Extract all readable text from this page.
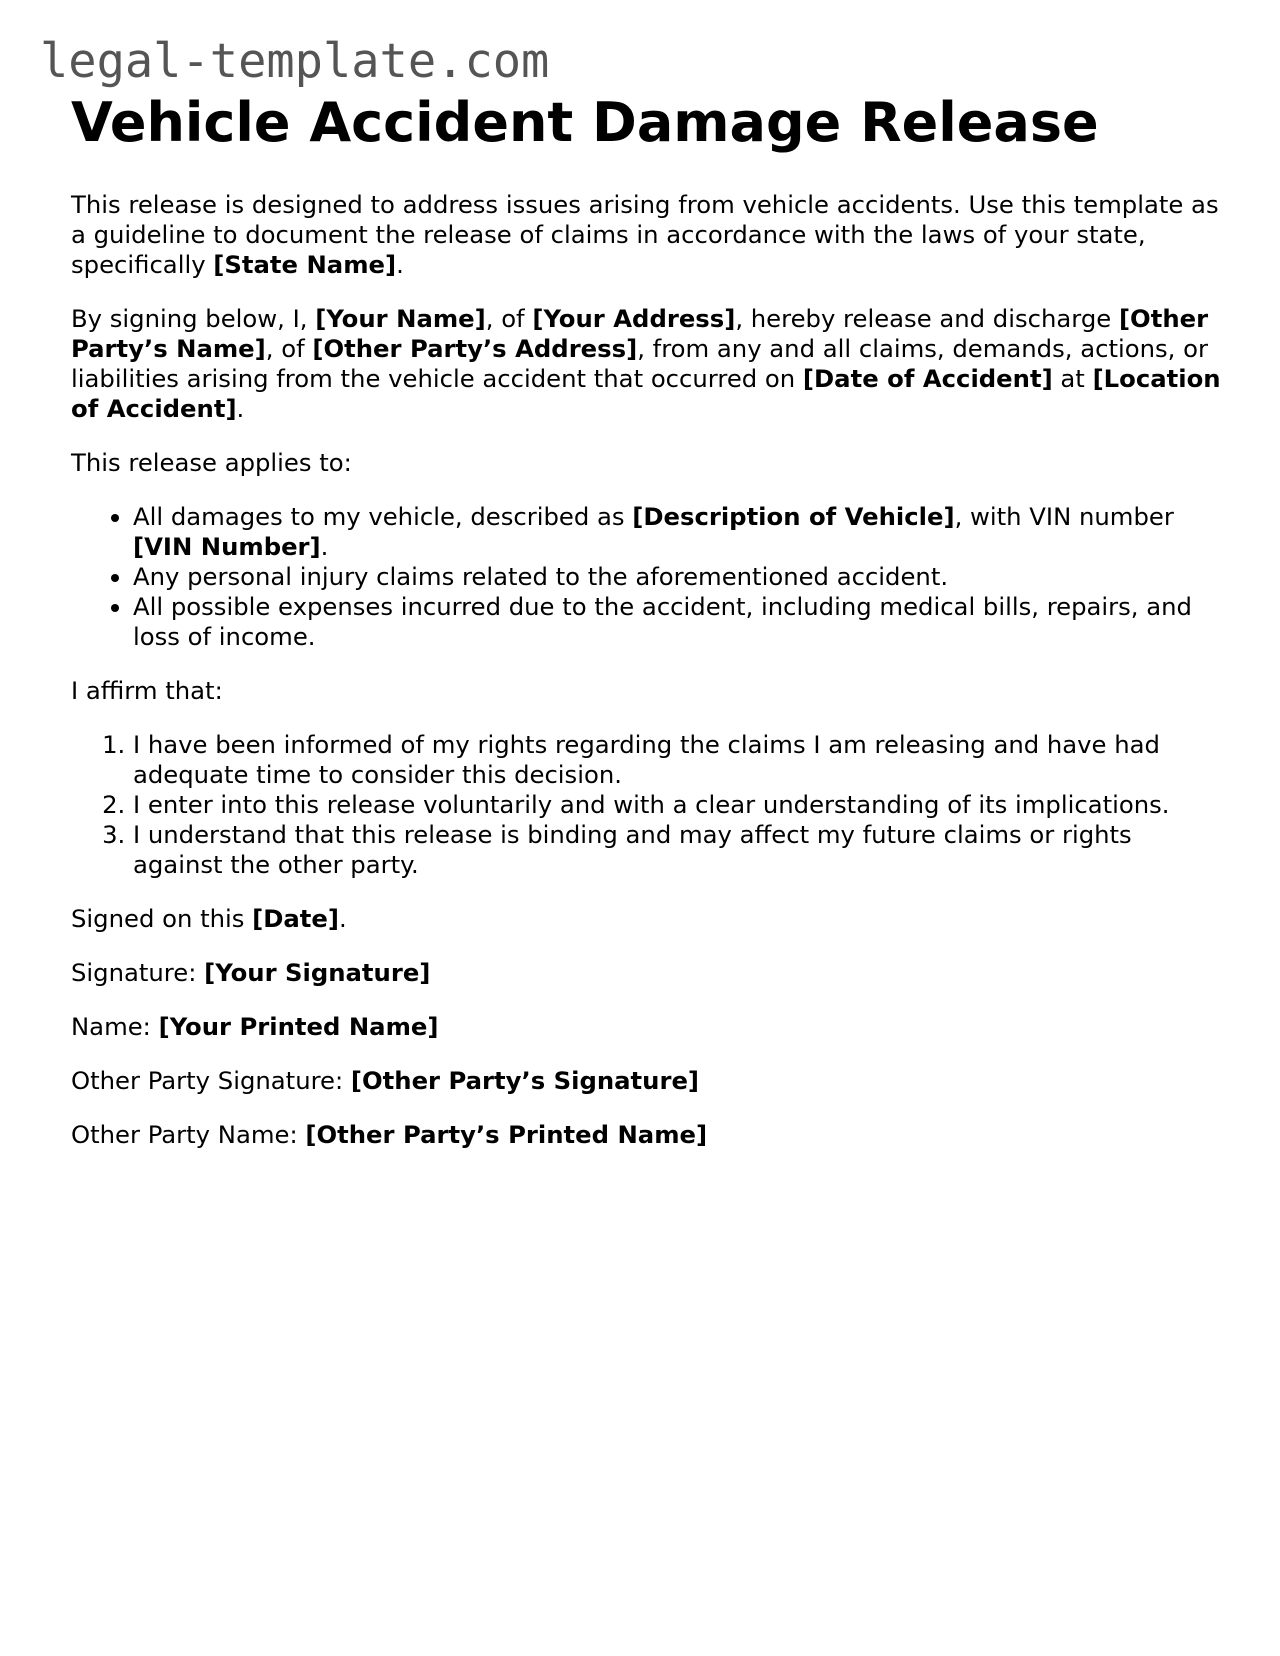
legal-template.com
Vehicle Accident Damage Release

This release is designed to address issues arising from vehicle accidents. Use this template as a guideline to document the release of claims in accordance with the laws of your state, specifically [State Name].

By signing below, I, [Your Name], of [Your Address], hereby release and discharge [Other Party’s Name], of [Other Party’s Address], from any and all claims, demands, actions, or liabilities arising from the vehicle accident that occurred on [Date of Accident] at [Location of Accident].

This release applies to:

• All damages to my vehicle, described as [Description of Vehicle], with VIN number [VIN Number].
• Any personal injury claims related to the aforementioned accident.
• All possible expenses incurred due to the accident, including medical bills, repairs, and loss of income.

I affirm that:

1. I have been informed of my rights regarding the claims I am releasing and have had adequate time to consider this decision.
2. I enter into this release voluntarily and with a clear understanding of its implications.
3. I understand that this release is binding and may affect my future claims or rights against the other party.

Signed on this [Date].

Signature: [Your Signature]

Name: [Your Printed Name]

Other Party Signature: [Other Party’s Signature]

Other Party Name: [Other Party’s Printed Name]
